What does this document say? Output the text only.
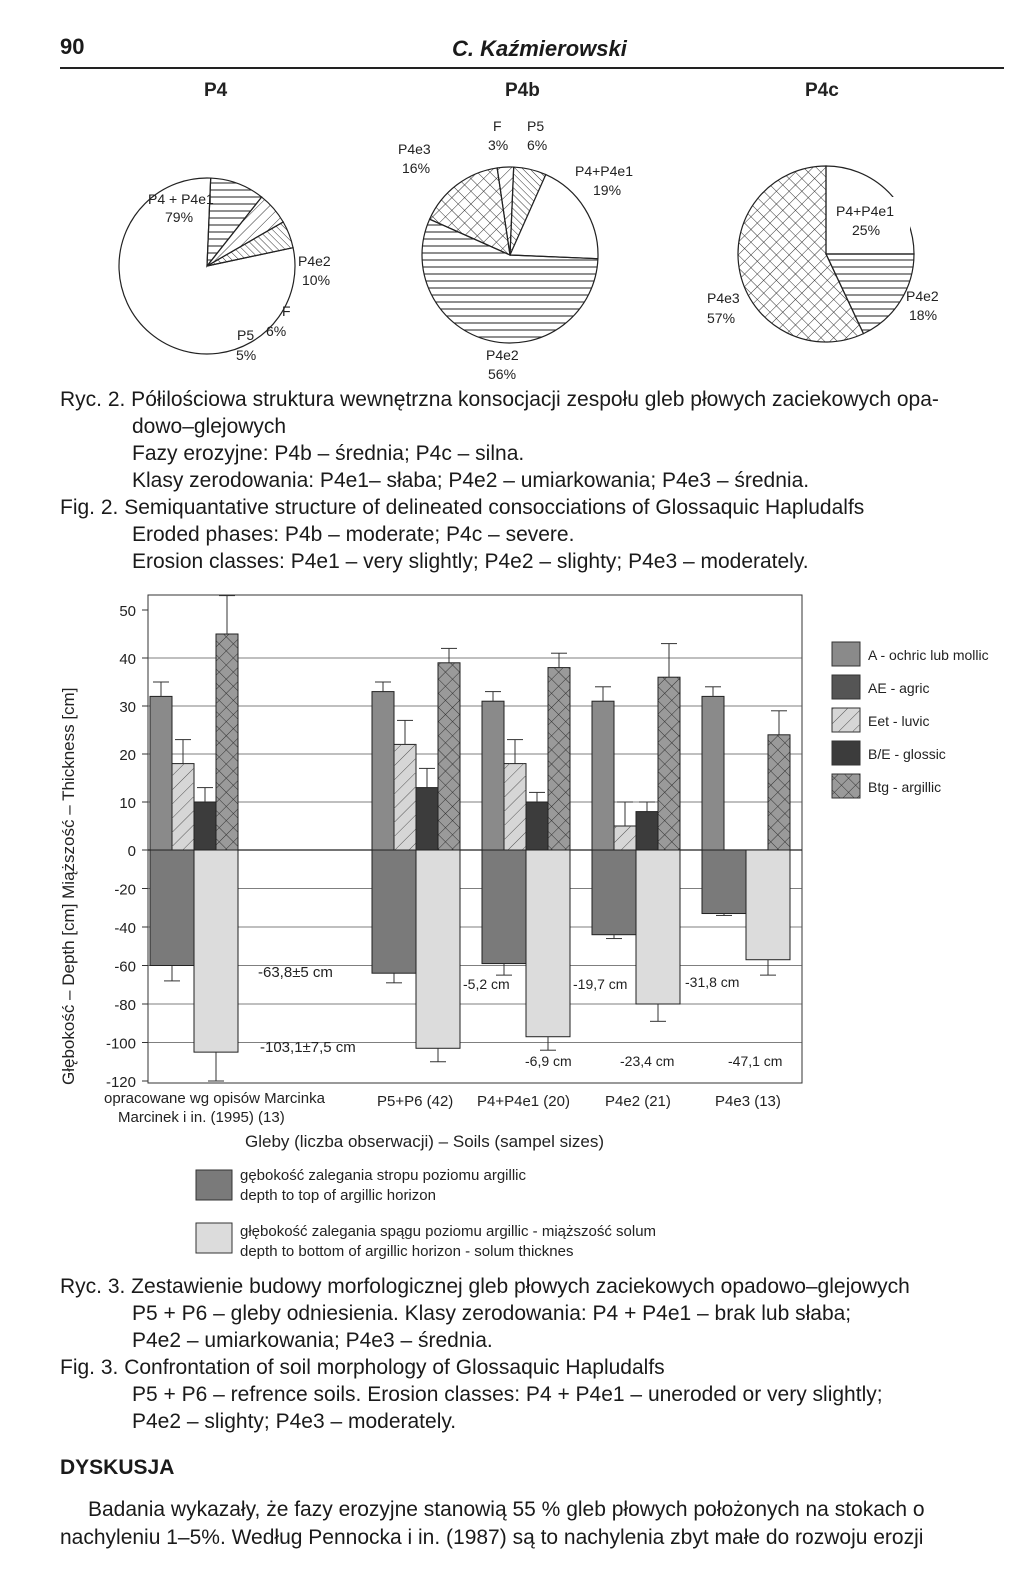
90	C. Kaźmierowski
P4	P4b	P4c
P4 + P4e1
79%
P4e2
10%
F
6%
P5
5%
P4e3
16%
F
3%
P5
6%
P4+P4e1
19%
P4e2
56%
P4+P4e1
25%
P4e2
18%
P4e3
57%
Ryc. 2. Półilościowa struktura wewnętrzna konsocjacji zespołu gleb płowych zaciekowych opa-
dowo–glejowych
Fazy erozyjne: P4b – średnia; P4c – silna.
Klasy zerodowania: P4e1– słaba; P4e2 – umiarkowania; P4e3 – średnia.
Fig. 2. Semiquantative structure of delineated consocciations of Glossaquic Hapludalfs
Eroded phases: P4b – moderate; P4c – severe.
Erosion classes: P4e1 – very slightly; P4e2 – slighty; P4e3 – moderately.
Głębokość – Depth [cm] Miąższość – Thickness [cm]
50
40
30
20
10
0
-20
-40
-60
-80
-100
-120
-63,8±5 cm
-103,1±7,5 cm
-5,2 cm
-6,9 cm
-19,7 cm
-23,4 cm
-31,8 cm
-47,1 cm
opracowane wg opisów Marcinka Marcinek i in. (1995) (13)
P5+P6 (42) P4+P4e1 (20) P4e2 (21)	P4e3 (13)
Gleby (liczba obserwacji) – Soils (sampel sizes)
A - ochric lub mollic
AE - agric
Eet - luvic
B/E - glossic
Btg - argillic
gębokość zalegania stropu poziomu argillic
depth to top of argillic horizon
głębokość zalegania spągu poziomu argillic - miąższość solum
depth to bottom of argillic horizon - solum thicknes
Ryc. 3. Zestawienie budowy morfologicznej gleb płowych zaciekowych opadowo–glejowych
P5 + P6 – gleby odniesienia. Klasy zerodowania: P4 + P4e1 – brak lub słaba;
P4e2 – umiarkowania; P4e3 – średnia.
Fig. 3. Confrontation of soil morphology of Glossaquic Hapludalfs
P5 + P6 – refrence soils. Erosion classes: P4 + P4e1 – uneroded or very slightly;
P4e2 – slighty; P4e3 – moderately.
DYSKUSJA
Badania wykazały, że fazy erozyjne stanowią 55 % gleb płowych położonych na stokach o
nachyleniu 1–5%. Według Pennocka i in. (1987) są to nachylenia zbyt małe do rozwoju erozji
